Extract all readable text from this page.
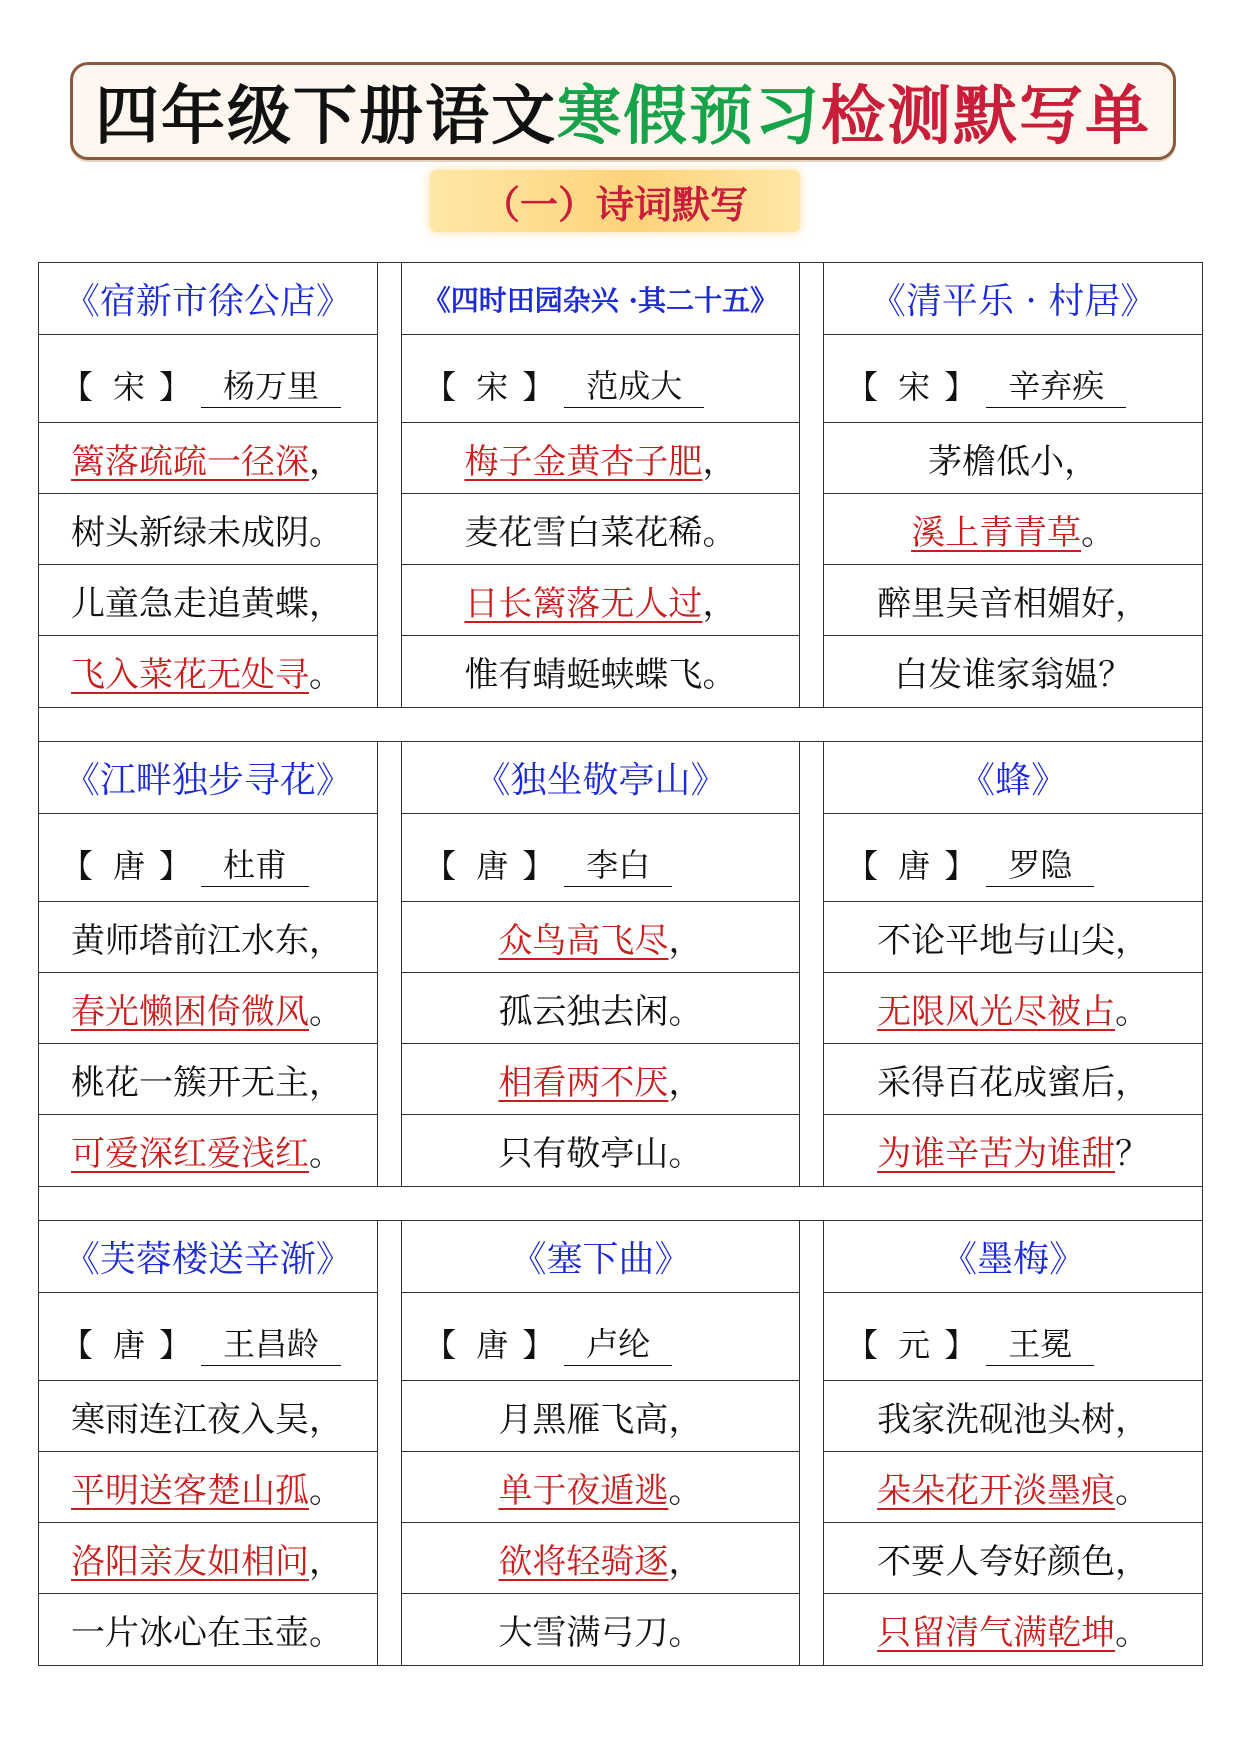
四年级下册语文 寒假预习 检测默写单
（一）诗词默写
《宿新市徐公店》
【 宋 】	杨万里
篱落疏疏一径深 ，
树头新绿未成阴 。
儿童急走追黄蝶 ，
飞入菜花无处寻 。
《四时田园杂兴 ·其二十五》
【 宋 】	范成大
梅子金黄杏子肥 ，
麦花雪白菜花稀 。
日长篱落无人过 ，
惟有蜻蜓蛱蝶飞 。
《清平乐 · 村居》
【 宋 】	辛弃疾
茅檐低小 ，
溪上青青草 。
醉里吴音相媚好 ，
白发谁家翁媪 ？
《江畔独步寻花》
【 唐 】	杜甫
黄师塔前江水东 ，
春光懒困倚微风 。
桃花一簇开无主 ，
可爱深红爱浅红 。
《独坐敬亭山》
【 唐 】	李白
众鸟高飞尽 ，
孤云独去闲 。
相看两不厌 ，
只有敬亭山 。
《蜂》
【 唐 】	罗隐
不论平地与山尖 ，
无限风光尽被占 。
采得百花成蜜后 ，
为谁辛苦为谁甜 ？
《芙蓉楼送辛渐》
【 唐 】	王昌龄
寒雨连江夜入吴 ，
平明送客楚山孤 。
洛阳亲友如相问 ，
一片冰心在玉壶 。
《塞下曲》
【 唐 】	卢纶
月黑雁飞高 ，
单于夜遁逃 。
欲将轻骑逐 ，
大雪满弓刀 。
《墨梅》
【 元 】	王冕
我家洗砚池头树 ，
朵朵花开淡墨痕 。
不要人夸好颜色 ，
只留清气满乾坤 。
